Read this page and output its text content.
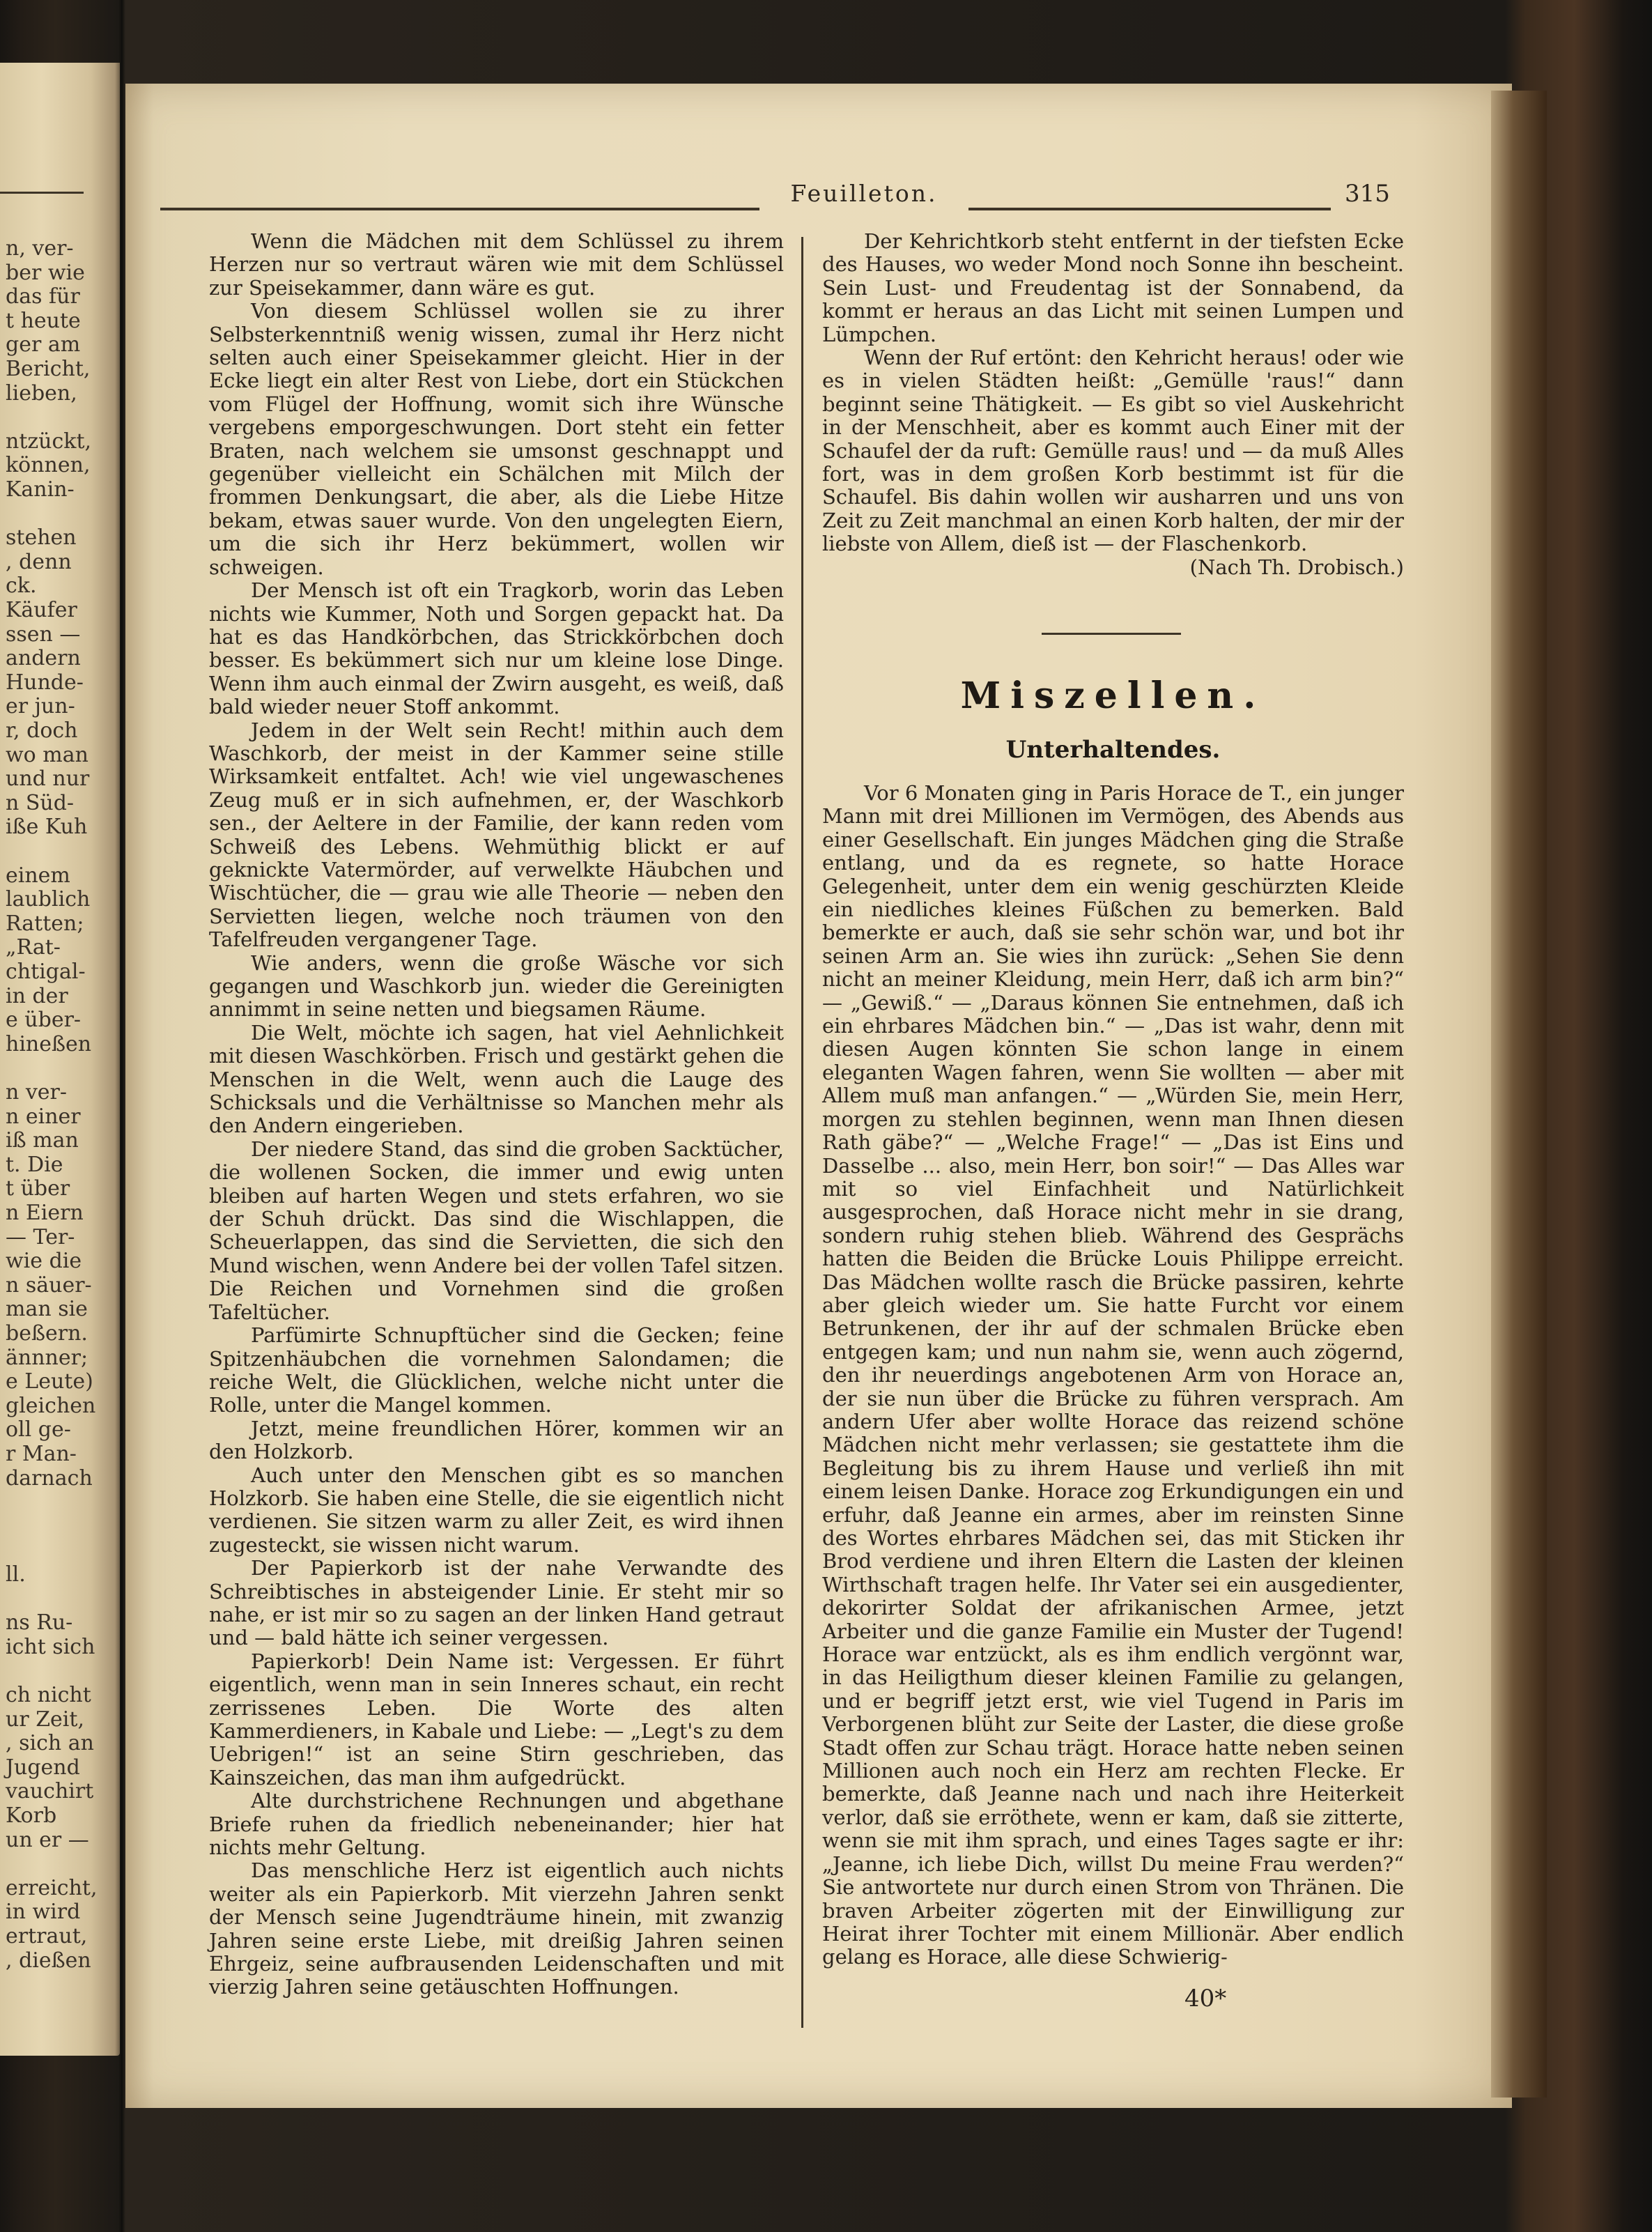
n, ver-
ber wie
das für
t heute
ger am
Bericht,
lieben,
ntzückt,
können,
Kanin-
stehen
, denn
ck.
Käufer
ssen —
andern
Hunde-
er jun-
r, doch
wo man
und nur
n Süd-
iße Kuh
einem
laublich
Ratten;
„Rat-
chtigal-
in der
e über-
hineßen
n ver-
n einer
iß man
t. Die
t über
n Eiern
— Ter-
wie die
n säuer-
man sie
beßern.
ännner;
e Leute)
gleichen
oll ge-
r Man-
darnach
ll.
ns Ru-
icht sich
ch nicht
ur Zeit,
, sich an
Jugend
vauchirt
Korb
un er —
erreicht,
in wird
ertraut,
, dießen
Feuilleton.	315

Wenn die Mädchen mit dem Schlüssel zu ihrem Herzen nur so vertraut wären wie mit dem Schlüssel zur Speisekammer, dann wäre es gut.

Von diesem Schlüssel wollen sie zu ihrer Selbsterkenntniß wenig wissen, zumal ihr Herz nicht selten auch einer Speisekammer gleicht. Hier in der Ecke liegt ein alter Rest von Liebe, dort ein Stückchen vom Flügel der Hoffnung, womit sich ihre Wünsche vergebens emporgeschwungen. Dort steht ein fetter Braten, nach welchem sie umsonst geschnappt und gegenüber vielleicht ein Schälchen mit Milch der frommen Denkungsart, die aber, als die Liebe Hitze bekam, etwas sauer wurde. Von den ungelegten Eiern, um die sich ihr Herz bekümmert, wollen wir schweigen.

Der Mensch ist oft ein Tragkorb, worin das Leben nichts wie Kummer, Noth und Sorgen gepackt hat. Da hat es das Handkörbchen, das Strickkörbchen doch besser. Es bekümmert sich nur um kleine lose Dinge. Wenn ihm auch einmal der Zwirn ausgeht, es weiß, daß bald wieder neuer Stoff ankommt.

Jedem in der Welt sein Recht! mithin auch dem Waschkorb, der meist in der Kammer seine stille Wirksamkeit entfaltet. Ach! wie viel ungewaschenes Zeug muß er in sich aufnehmen, er, der Waschkorb sen., der Aeltere in der Familie, der kann reden vom Schweiß des Lebens. Wehmüthig blickt er auf geknickte Vatermörder, auf verwelkte Häubchen und Wischtücher, die — grau wie alle Theorie — neben den Servietten liegen, welche noch träumen von den Tafelfreuden vergangener Tage.

Wie anders, wenn die große Wäsche vor sich gegangen und Waschkorb jun. wieder die Gereinigten annimmt in seine netten und biegsamen Räume.

Die Welt, möchte ich sagen, hat viel Aehnlichkeit mit diesen Waschkörben. Frisch und gestärkt gehen die Menschen in die Welt, wenn auch die Lauge des Schicksals und die Verhältnisse so Manchen mehr als den Andern eingerieben.

Der niedere Stand, das sind die groben Sacktücher, die wollenen Socken, die immer und ewig unten bleiben auf harten Wegen und stets erfahren, wo sie der Schuh drückt. Das sind die Wischlappen, die Scheuerlappen, das sind die Servietten, die sich den Mund wischen, wenn Andere bei der vollen Tafel sitzen. Die Reichen und Vornehmen sind die großen Tafeltücher.

Parfümirte Schnupftücher sind die Gecken; feine Spitzenhäubchen die vornehmen Salondamen; die reiche Welt, die Glücklichen, welche nicht unter die Rolle, unter die Mangel kommen.

Jetzt, meine freundlichen Hörer, kommen wir an den Holzkorb.

Auch unter den Menschen gibt es so manchen Holzkorb. Sie haben eine Stelle, die sie eigentlich nicht verdienen. Sie sitzen warm zu aller Zeit, es wird ihnen zugesteckt, sie wissen nicht warum.

Der Papierkorb ist der nahe Verwandte des Schreibtisches in absteigender Linie. Er steht mir so nahe, er ist mir so zu sagen an der linken Hand getraut und — bald hätte ich seiner vergessen.

Papierkorb! Dein Name ist: Vergessen. Er führt eigentlich, wenn man in sein Inneres schaut, ein recht zerrissenes Leben. Die Worte des alten Kammerdieners, in Kabale und Liebe: — „Legt's zu dem Uebrigen!“ ist an seine Stirn geschrieben, das Kainszeichen, das man ihm aufgedrückt.

Alte durchstrichene Rechnungen und abgethane Briefe ruhen da friedlich nebeneinander; hier hat nichts mehr Geltung.

Das menschliche Herz ist eigentlich auch nichts weiter als ein Papierkorb. Mit vierzehn Jahren senkt der Mensch seine Jugendträume hinein, mit zwanzig Jahren seine erste Liebe, mit dreißig Jahren seinen Ehrgeiz, seine aufbrausenden Leidenschaften und mit vierzig Jahren seine getäuschten Hoffnungen.

Der Kehrichtkorb steht entfernt in der tiefsten Ecke des Hauses, wo weder Mond noch Sonne ihn bescheint. Sein Lust- und Freudentag ist der Sonnabend, da kommt er heraus an das Licht mit seinen Lumpen und Lümpchen.

Wenn der Ruf ertönt: den Kehricht heraus! oder wie es in vielen Städten heißt: „Gemülle 'raus!“ dann beginnt seine Thätigkeit. — Es gibt so viel Auskehricht in der Menschheit, aber es kommt auch Einer mit der Schaufel der da ruft: Gemülle raus! und — da muß Alles fort, was in dem großen Korb bestimmt ist für die Schaufel. Bis dahin wollen wir ausharren und uns von Zeit zu Zeit manchmal an einen Korb halten, der mir der liebste von Allem, dieß ist — der Flaschenkorb.
(Nach Th. Drobisch.)

Miszellen.
Unterhaltendes.

Vor 6 Monaten ging in Paris Horace de T., ein junger Mann mit drei Millionen im Vermögen, des Abends aus einer Gesellschaft. Ein junges Mädchen ging die Straße entlang, und da es regnete, so hatte Horace Gelegenheit, unter dem ein wenig geschürzten Kleide ein niedliches kleines Füßchen zu bemerken. Bald bemerkte er auch, daß sie sehr schön war, und bot ihr seinen Arm an. Sie wies ihn zurück: „Sehen Sie denn nicht an meiner Kleidung, mein Herr, daß ich arm bin?“ — „Gewiß.“ — „Daraus können Sie entnehmen, daß ich ein ehrbares Mädchen bin.“ — „Das ist wahr, denn mit diesen Augen könnten Sie schon lange in einem eleganten Wagen fahren, wenn Sie wollten — aber mit Allem muß man anfangen.“ — „Würden Sie, mein Herr, morgen zu stehlen beginnen, wenn man Ihnen diesen Rath gäbe?“ — „Welche Frage!“ — „Das ist Eins und Dasselbe ... also, mein Herr, bon soir!“ — Das Alles war mit so viel Einfachheit und Natürlichkeit ausgesprochen, daß Horace nicht mehr in sie drang, sondern ruhig stehen blieb. Während des Gesprächs hatten die Beiden die Brücke Louis Philippe erreicht. Das Mädchen wollte rasch die Brücke passiren, kehrte aber gleich wieder um. Sie hatte Furcht vor einem Betrunkenen, der ihr auf der schmalen Brücke eben entgegen kam; und nun nahm sie, wenn auch zögernd, den ihr neuerdings angebotenen Arm von Horace an, der sie nun über die Brücke zu führen versprach. Am andern Ufer aber wollte Horace das reizend schöne Mädchen nicht mehr verlassen; sie gestattete ihm die Begleitung bis zu ihrem Hause und verließ ihn mit einem leisen Danke. Horace zog Erkundigungen ein und erfuhr, daß Jeanne ein armes, aber im reinsten Sinne des Wortes ehrbares Mädchen sei, das mit Sticken ihr Brod verdiene und ihren Eltern die Lasten der kleinen Wirthschaft tragen helfe. Ihr Vater sei ein ausgedienter, dekorirter Soldat der afrikanischen Armee, jetzt Arbeiter und die ganze Familie ein Muster der Tugend! Horace war entzückt, als es ihm endlich vergönnt war, in das Heiligthum dieser kleinen Familie zu gelangen, und er begriff jetzt erst, wie viel Tugend in Paris im Verborgenen blüht zur Seite der Laster, die diese große Stadt offen zur Schau trägt. Horace hatte neben seinen Millionen auch noch ein Herz am rechten Flecke. Er bemerkte, daß Jeanne nach und nach ihre Heiterkeit verlor, daß sie erröthete, wenn er kam, daß sie zitterte, wenn sie mit ihm sprach, und eines Tages sagte er ihr: „Jeanne, ich liebe Dich, willst Du meine Frau werden?“ Sie antwortete nur durch einen Strom von Thränen. Die braven Arbeiter zögerten mit der Einwilligung zur Heirat ihrer Tochter mit einem Millionär. Aber endlich gelang es Horace, alle diese Schwierig-

40*
